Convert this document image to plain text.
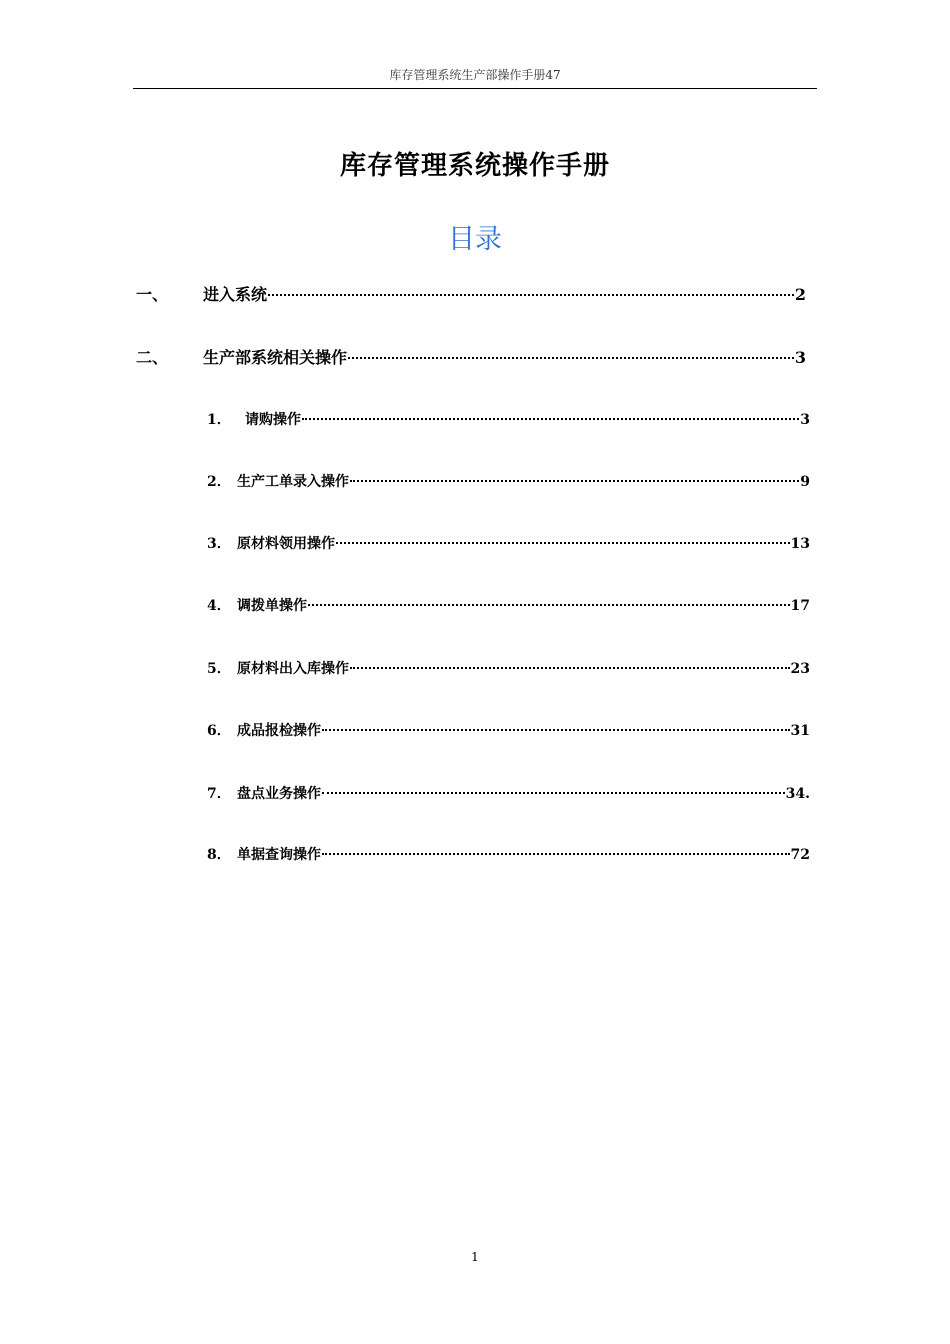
库存管理系统生产部操作手册47
库存管理系统操作手册
目录
一、	进入系统	2
二、	生产部系统相关操作	3
1．	请购操作	3
2． 生产工单录入操作	9
3． 原材料领用操作	13
4． 调拨单操作	17
5． 原材料出入库操作	23
6． 成品报检操作	31
7． 盘点业务操作	34.
8． 单据查询操作	72
1
